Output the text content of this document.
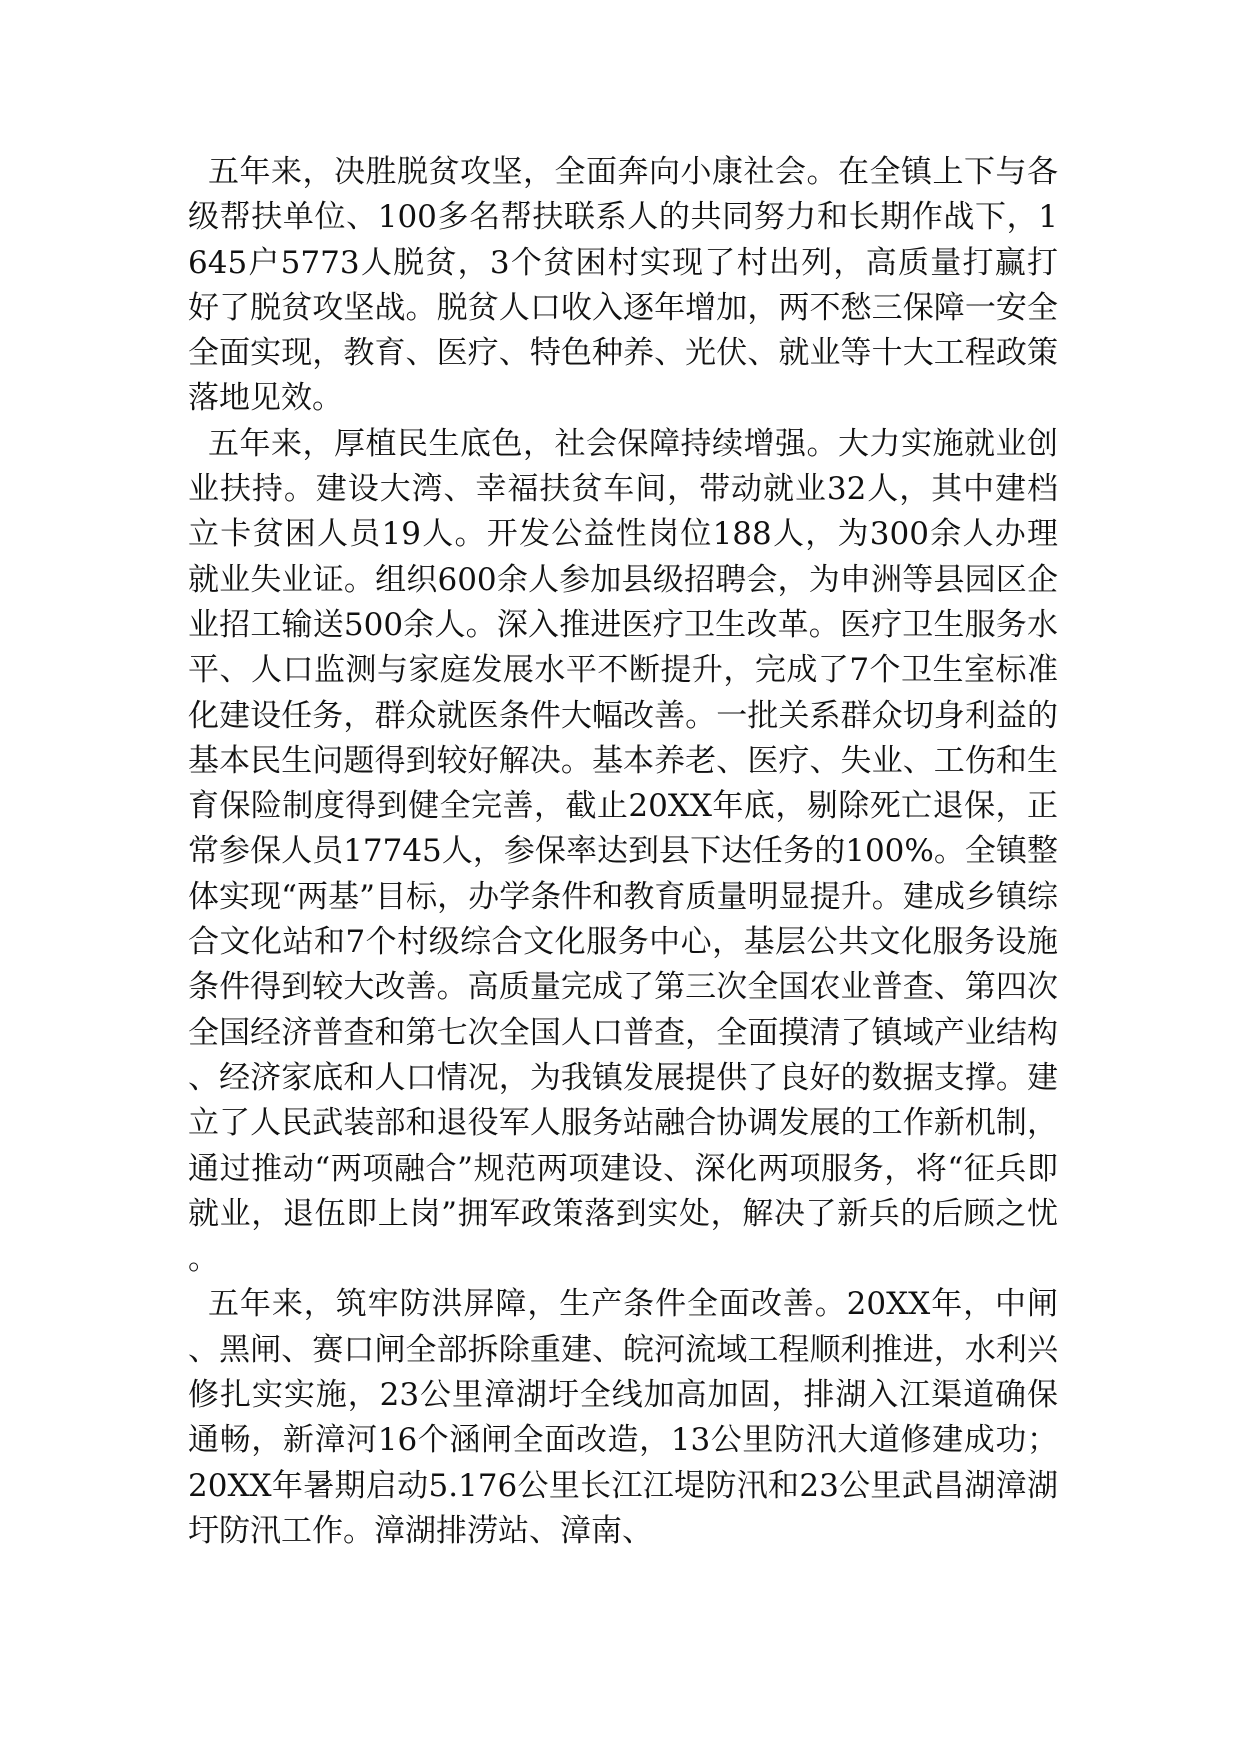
五年来，决胜脱贫攻坚，全面奔向小康社会。在全镇上下与各级帮扶单位、100多名帮扶联系人的共同努力和长期作战下，1645户5773人脱贫，3个贫困村实现了村出列，高质量打赢打好了脱贫攻坚战。脱贫人口收入逐年增加，两不愁三保障一安全全面实现，教育、医疗、特色种养、光伏、就业等十大工程政策落地见效。

五年来，厚植民生底色，社会保障持续增强。大力实施就业创业扶持。建设大湾、幸福扶贫车间，带动就业32人，其中建档立卡贫困人员19人。开发公益性岗位188人，为300余人办理就业失业证。组织600余人参加县级招聘会，为申洲等县园区企业招工输送500余人。深入推进医疗卫生改革。医疗卫生服务水平、人口监测与家庭发展水平不断提升，完成了7个卫生室标准化建设任务，群众就医条件大幅改善。一批关系群众切身利益的基本民生问题得到较好解决。基本养老、医疗、失业、工伤和生育保险制度得到健全完善，截止20XX年底，剔除死亡退保，正常参保人员17745人，参保率达到县下达任务的100%。全镇整体实现“两基”目标，办学条件和教育质量明显提升。建成乡镇综合文化站和7个村级综合文化服务中心，基层公共文化服务设施条件得到较大改善。高质量完成了第三次全国农业普查、第四次全国经济普查和第七次全国人口普查，全面摸清了镇域产业结构、经济家底和人口情况，为我镇发展提供了良好的数据支撑。建立了人民武装部和退役军人服务站融合协调发展的工作新机制，通过推动“两项融合”规范两项建设、深化两项服务，将“征兵即就业，退伍即上岗”拥军政策落到实处，解决了新兵的后顾之忧。

五年来，筑牢防洪屏障，生产条件全面改善。20XX年，中闸、黑闸、赛口闸全部拆除重建、皖河流域工程顺利推进，水利兴修扎实实施，23公里漳湖圩全线加高加固，排湖入江渠道确保通畅，新漳河16个涵闸全面改造，13公里防汛大道修建成功；20XX年暑期启动5.176公里长江江堤防汛和23公里武昌湖漳湖圩防汛工作。漳湖排涝站、漳南、
